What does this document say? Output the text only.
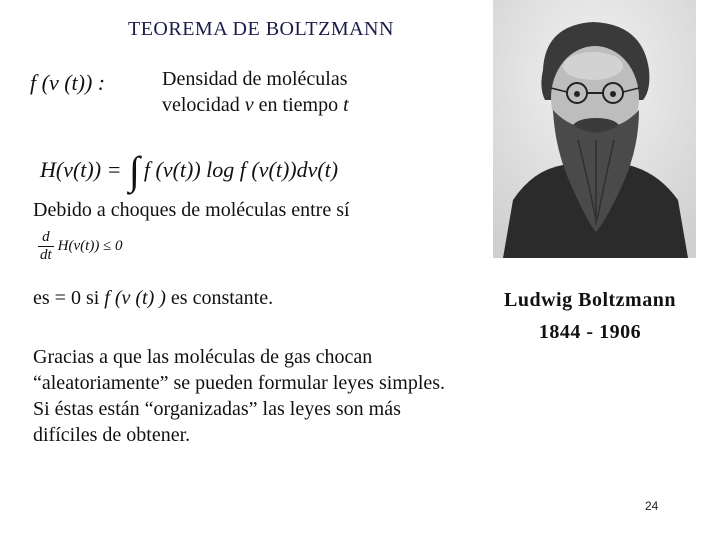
TEOREMA DE BOLTZMANN
f (v (t)) :	Densidad de moléculas
velocidad v en tiempo t
H(v(t)) = ∫ f (v(t)) log f (v(t))dv(t)
Debido a choques de moléculas entre sí
$\frac{d}{dt} H(v(t)) \le 0$
es = 0 si f (v (t) ) es constante.
Gracias a que las moléculas de gas chocan “aleatoriamente” se pueden formular leyes simples. Si éstas están “organizadas” las leyes son más difíciles de obtener.
Ludwig Boltzmann
1844 - 1906
24
